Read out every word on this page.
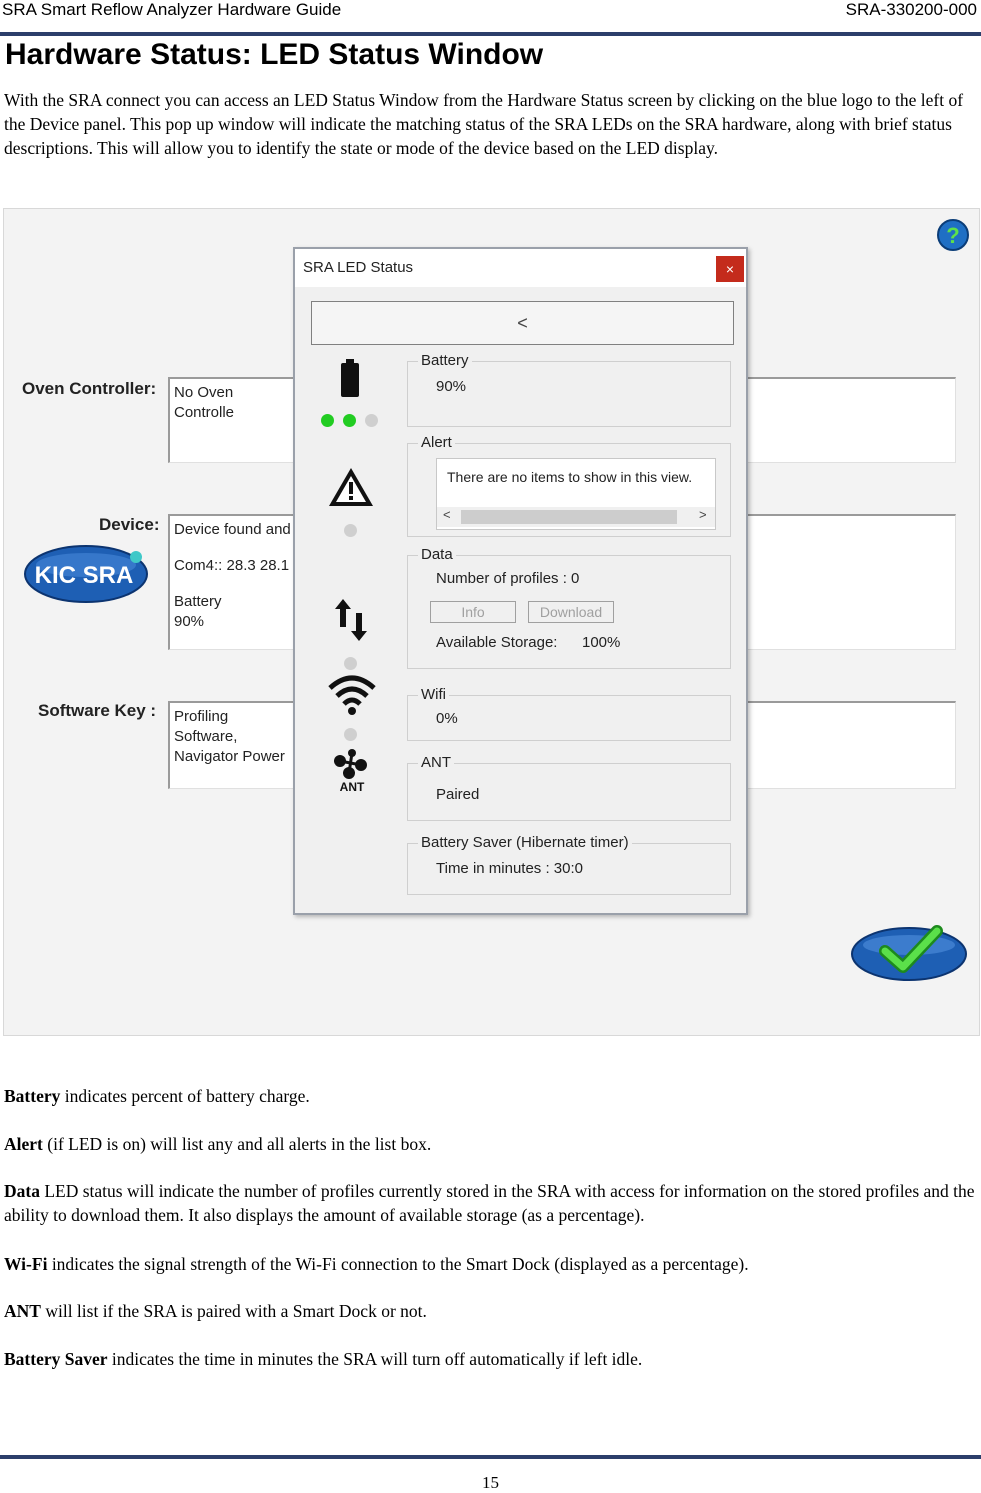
SRA Smart Reflow Analyzer Hardware Guide	SRA-330200-000
Hardware Status: LED Status Window

With the SRA connect you can access an LED Status Window from the Hardware Status screen by clicking on the blue logo to the left of the Device panel. This pop up window will indicate the matching status of the SRA LEDs on the SRA hardware, along with brief status descriptions. This will allow you to identify the state or mode of the device based on the LED display.

?
Oven Controller:	No Oven Controlle
Device: Device found and
Com4:: 28.3 28.1
Battery
90%
KIC SRA
Software Key : Profiling Software,
Navigator Power
SRA LED Status	×
<
ANT
Battery
90%
Alert
There are no items to show in this view.
<	>
Data
Number of profiles : 0
Info	Download
Available Storage: 100%
Wifi
0%
ANT
Paired
Battery Saver (Hibernate timer)
Time in minutes : 30:0

Battery indicates percent of battery charge.

Alert (if LED is on) will list any and all alerts in the list box.

Data LED status will indicate the number of profiles currently stored in the SRA with access for information on the stored profiles and the ability to download them. It also displays the amount of available storage (as a percentage).

Wi-Fi indicates the signal strength of the Wi-Fi connection to the Smart Dock (displayed as a percentage).

ANT will list if the SRA is paired with a Smart Dock or not.

Battery Saver indicates the time in minutes the SRA will turn off automatically if left idle.

15
